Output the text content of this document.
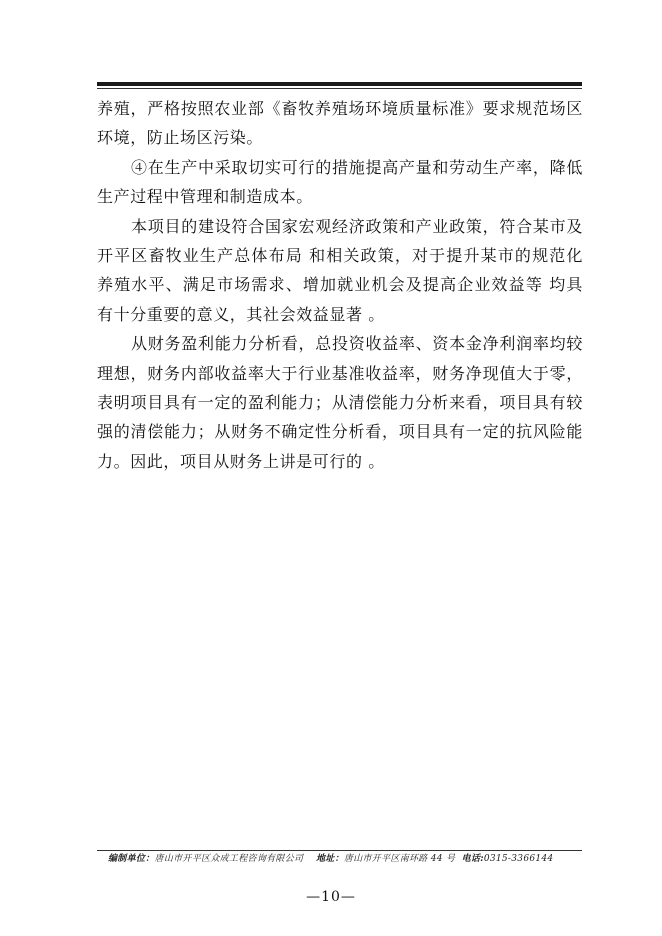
养殖，严格按照农业部《畜牧养殖场环境质量标准》要求规范场区环境，防止场区污染。

④在生产中采取切实可行的措施提高产量和劳动生产率，降低生产过程中管理和制造成本。

本项目的建设符合国家宏观经济政策和产业政策，符合某市及 开平区畜牧业生产总体布局 和相关政策，对于提升某市的规范化养殖水平、满足市场需求、增加就业机会及提高企业效益等 均具有十分重要的意义，其社会效益显著 。

从财务盈利能力分析看，总投资收益率、资本金净利润率均较理想，财务内部收益率大于行业基准收益率，财务净现值大于零，表明项目具有一定的盈利能力；从清偿能力分析来看，项目具有较强的清偿能力；从财务不确定性分析看，项目具有一定的抗风险能力。因此，项目从财务上讲是可行的 。

编制单位：唐山市开平区众成工程咨询有限公司 地址：唐山市开平区南环路 44 号 电话:0315-3366144
—10—
